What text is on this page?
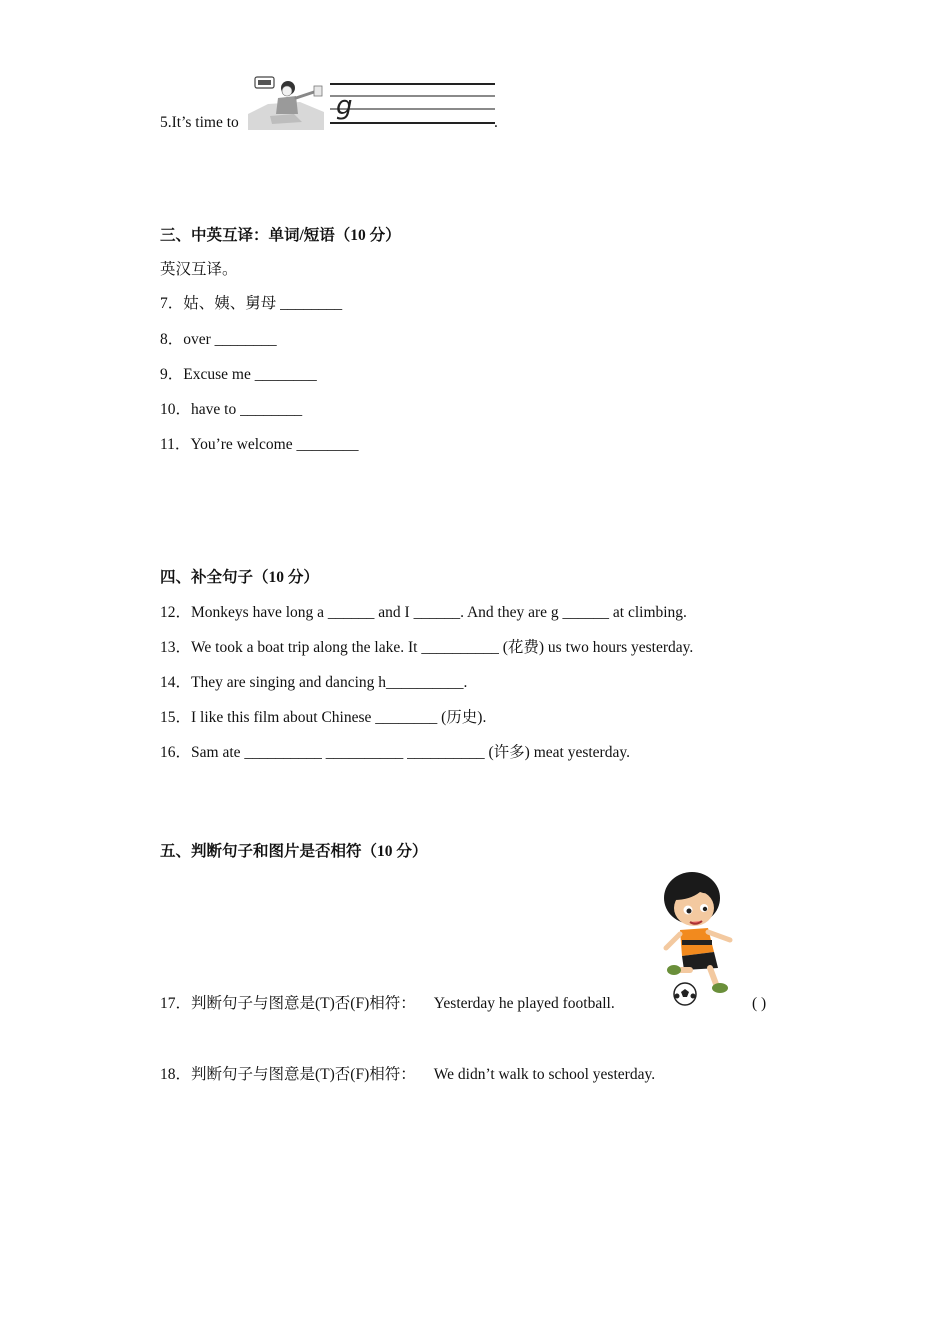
5.It’s time to
g
.
三、中英互译：单词/短语（10 分）
英汉互译。
7．姑、姨、舅母 ________
8．over ________
9．Excuse me ________
10．have to ________
11．You’re welcome ________
四、补全句子（10 分）
12．Monkeys have long a ______ and I ______. And they are g ______ at climbing.
13．We took a boat trip along the lake. It __________ (花费) us two hours yesterday.
14．They are singing and dancing h__________.
15．I like this film about Chinese ________ (历史).
16．Sam ate __________ __________ __________ (许多) meat yesterday.
五、判断句子和图片是否相符（10 分）
17．判断句子与图意是(T)否(F)相符： Yesterday he played football.	( )
18．判断句子与图意是(T)否(F)相符： We didn’t walk to school yesterday.
